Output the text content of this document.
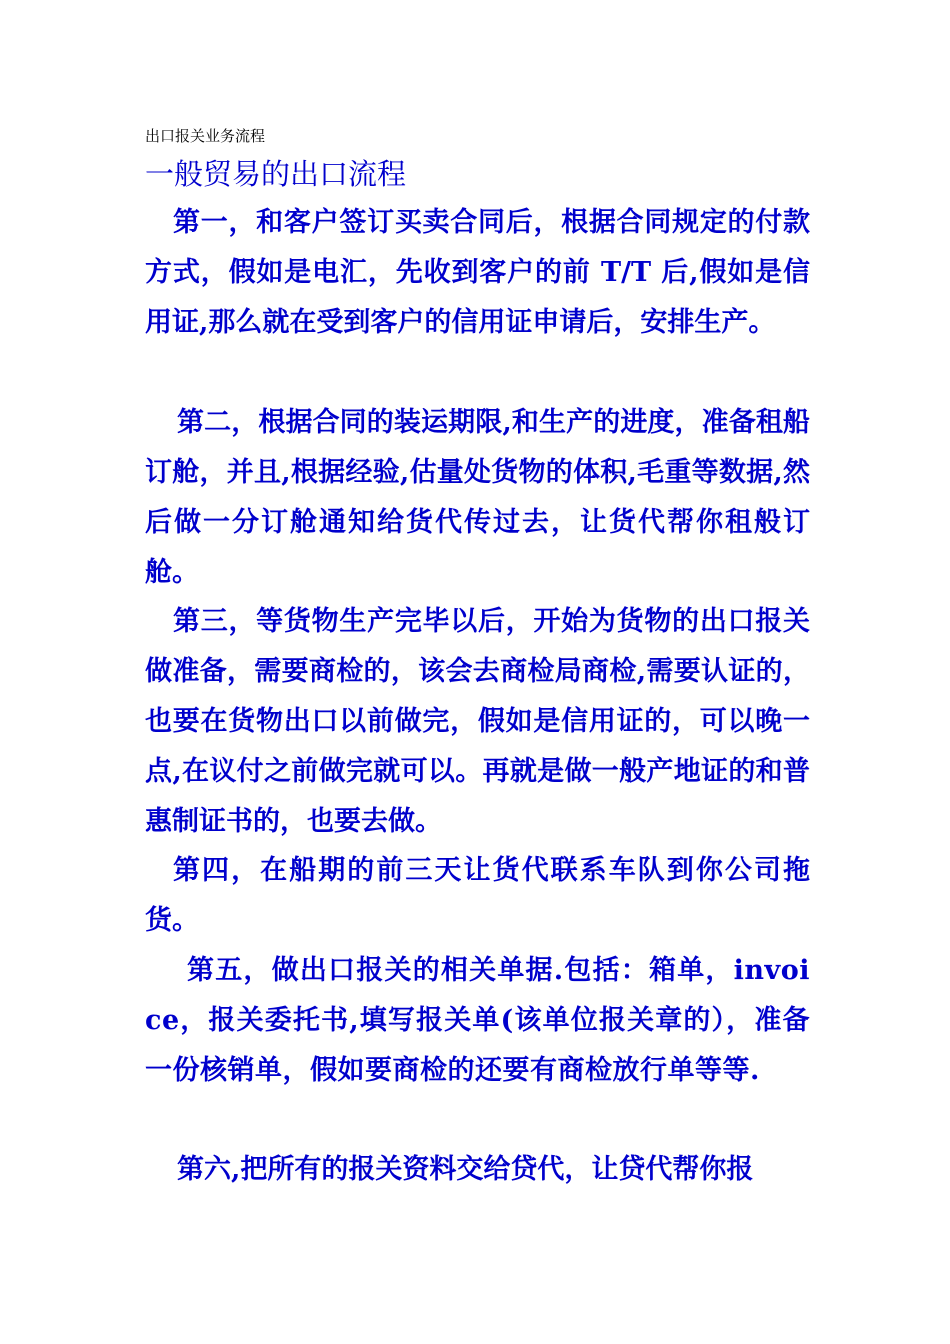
出口报关业务流程
一般贸易的出口流程
第一，和客户签订买卖合同后，根据合同规定的付款方式，假如是电汇，先收到客户的前 T/T 后,假如是信用证,那么就在受到客户的信用证申请后，安排生产。
第二，根据合同的装运期限,和生产的进度，准备租船订舱，并且,根据经验,估量处货物的体积,毛重等数据,然后做一分订舱通知给货代传过去，让货代帮你租般订舱。
第三，等货物生产完毕以后，开始为货物的出口报关做准备，需要商检的，该会去商检局商检,需要认证的，也要在货物出口以前做完，假如是信用证的，可以晚一点,在议付之前做完就可以。再就是做一般产地证的和普惠制证书的，也要去做。
第四，在船期的前三天让货代联系车队到你公司拖货。
第五，做出口报关的相关单据.包括：箱单，invoice，报关委托书,填写报关单(该单位报关章的），准备一份核销单，假如要商检的还要有商检放行单等等.
第六,把所有的报关资料交给贷代，让贷代帮你报
